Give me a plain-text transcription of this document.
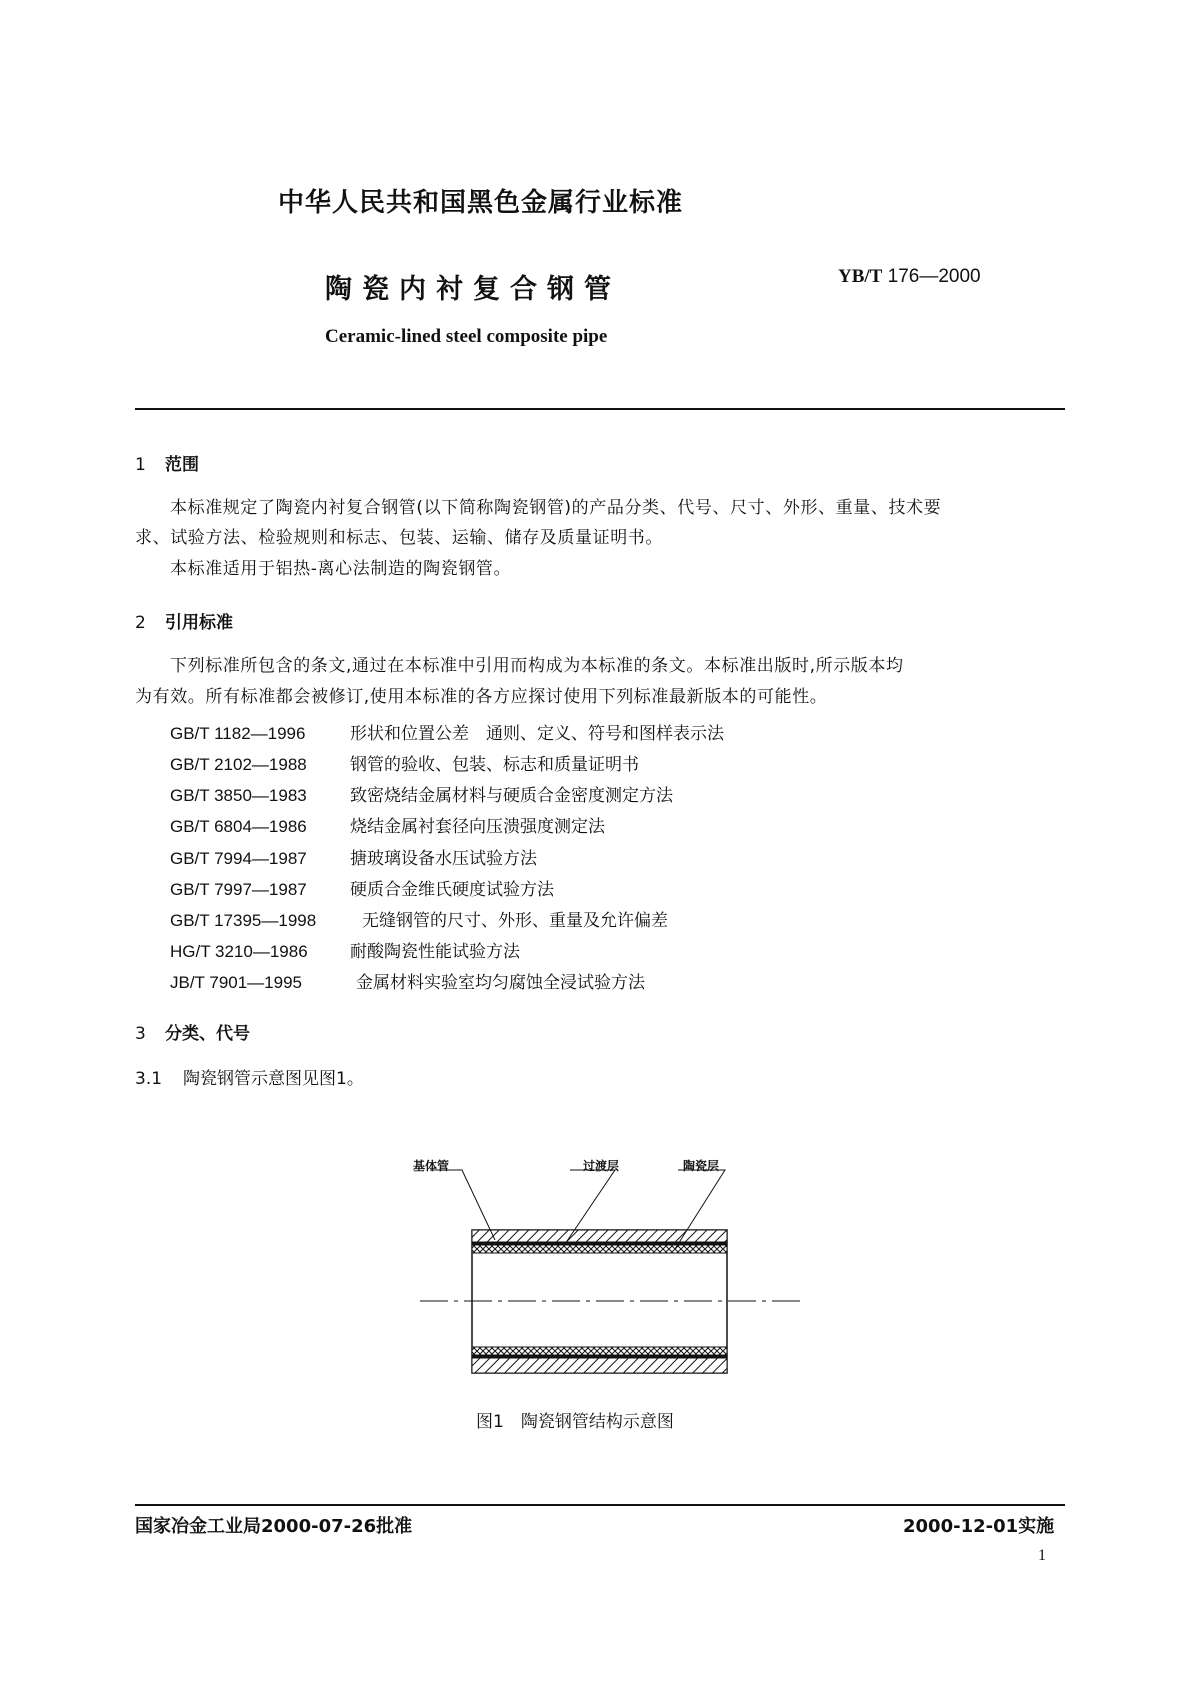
中华人民共和国黑色金属行业标准
陶瓷内衬复合钢管	YB/T 176—2000
Ceramic-lined steel composite pipe
1 范围
本标准规定了陶瓷内衬复合钢管(以下简称陶瓷钢管)的产品分类、代号、尺寸、外形、重量、技术要
求、试验方法、检验规则和标志、包装、运输、储存及质量证明书。
本标准适用于铝热-离心法制造的陶瓷钢管。
2 引用标准
下列标准所包含的条文,通过在本标准中引用而构成为本标准的条文。本标准出版时,所示版本均
为有效。所有标准都会被修订,使用本标准的各方应探讨使用下列标准最新版本的可能性。
GB/T 1182—1996	形状和位置公差　通则、定义、符号和图样表示法
GB/T 2102—1988	钢管的验收、包装、标志和质量证明书
GB/T 3850—1983	致密烧结金属材料与硬质合金密度测定方法
GB/T 6804—1986	烧结金属衬套径向压溃强度测定法
GB/T 7994—1987	搪玻璃设备水压试验方法
GB/T 7997—1987	硬质合金维氏硬度试验方法
GB/T 17395—1998	无缝钢管的尺寸、外形、重量及允许偏差
HG/T 3210—1986 耐酸陶瓷性能试验方法
JB/T 7901—1995	金属材料实验室均匀腐蚀全浸试验方法
3 分类、代号
3.1 陶瓷钢管示意图见图1。
基体管	过渡层	陶瓷层
图1　陶瓷钢管结构示意图
国家冶金工业局2000-07-26批准	2000-12-01实施
1
